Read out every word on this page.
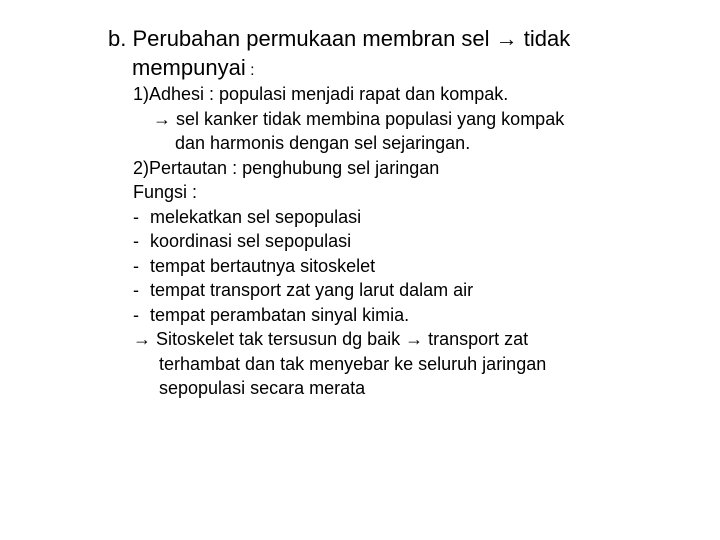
b. Perubahan permukaan membran sel → tidak
mempunyai :
1)Adhesi : populasi menjadi rapat dan kompak.
→ sel kanker tidak membina populasi yang kompak
dan harmonis dengan sel sejaringan.
2)Pertautan : penghubung sel jaringan
Fungsi :
- melekatkan sel sepopulasi
- koordinasi sel sepopulasi
- tempat bertautnya sitoskelet
- tempat transport zat yang larut dalam air
- tempat perambatan sinyal kimia.
→ Sitoskelet tak tersusun dg baik → transport zat
terhambat dan tak menyebar ke seluruh jaringan
sepopulasi secara merata
